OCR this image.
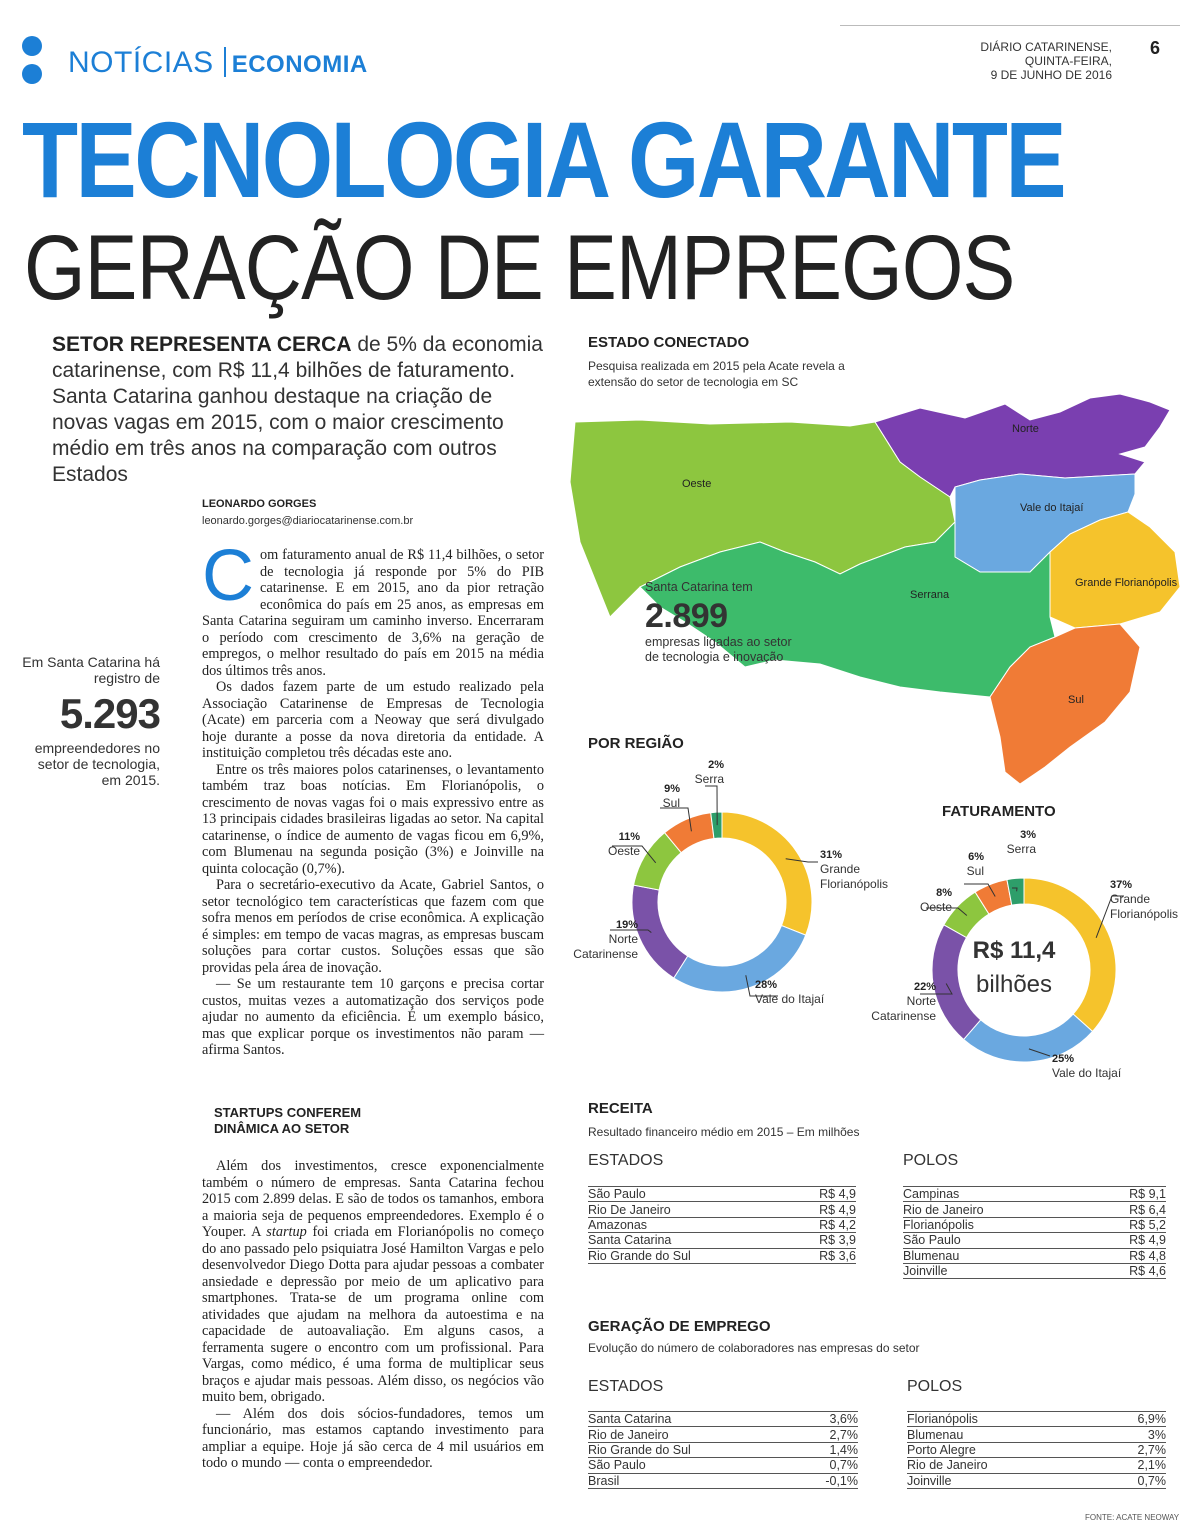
NOTÍCIAS ECONOMIA
DIÁRIO CATARINENSE,
QUINTA-FEIRA,
9 DE JUNHO DE 2016
6
TECNOLOGIA GARANTE
GERAÇÃO DE EMPREGOS
SETOR REPRESENTA CERCA de 5% da economia catarinense, com R$ 11,4 bilhões de faturamento. Santa Catarina ganhou destaque na criação de novas vagas em 2015, com o maior crescimento médio em três anos na comparação com outros Estados
LEONARDO GORGES
leonardo.gorges@diariocatarinense.com.br
Em Santa Catarina há registro de
5.293
empreendedores no setor de tecnologia, em 2015.

Com faturamento anual de R$ 11,4 bilhões, o setor de tecnologia já responde por 5% do PIB catarinense. E em 2015, ano da pior retração econômica do país em 25 anos, as empresas em Santa Catarina seguiram um caminho inverso. Encerraram o período com crescimento de 3,6% na geração de empregos, o melhor resultado do país em 2015 na média dos últimos três anos.

Os dados fazem parte de um estudo realizado pela Associação Catarinense de Empresas de Tecnologia (Acate) em parceria com a Neoway que será divulgado hoje durante a posse da nova diretoria da entidade. A instituição completou três décadas este ano.

Entre os três maiores polos catarinenses, o levantamento também traz boas notícias. Em Florianópolis, o crescimento de novas vagas foi o mais expressivo entre as 13 principais cidades brasileiras ligadas ao setor. Na capital catarinense, o índice de aumento de vagas ficou em 6,9%, com Blumenau na segunda posição (3%) e Joinville na quinta colocação (0,7%).

Para o secretário-executivo da Acate, Gabriel Santos, o setor tecnológico tem características que fazem com que sofra menos em períodos de crise econômica. A explicação é simples: em tempo de vacas magras, as empresas buscam soluções para cortar custos. Soluções essas que são providas pela área de inovação.

— Se um restaurante tem 10 garçons e precisa cortar custos, muitas vezes a automatização dos serviços pode ajudar no aumento da eficiência. É um exemplo básico, mas que explicar porque os investimentos não param — afirma Santos.

STARTUPS CONFEREM DINÂMICA AO SETOR

Além dos investimentos, cresce exponencialmente também o número de empresas. Santa Catarina fechou 2015 com 2.899 delas. E são de todos os tamanhos, embora a maioria seja de pequenos empreendedores. Exemplo é o Youper. A startup foi criada em Florianópolis no começo do ano passado pelo psiquiatra José Hamilton Vargas e pelo desenvolvedor Diego Dotta para ajudar pessoas a combater ansiedade e depressão por meio de um aplicativo para smartphones. Trata-se de um programa online com atividades que ajudam na melhora da autoestima e na capacidade de autoavaliação. Em alguns casos, a ferramenta sugere o encontro com um profissional. Para Vargas, como médico, é uma forma de multiplicar seus braços e ajudar mais pessoas. Além disso, os negócios vão muito bem, obrigado.

— Além dos dois sócios-fundadores, temos um funcionário, mas estamos captando investimento para ampliar a equipe. Hoje já são cerca de 4 mil usuários em todo o mundo — conta o empreendedor.

ESTADO CONECTADO
Pesquisa realizada em 2015 pela Acate revela a extensão do setor de tecnologia em SC
Norte
Oeste
Vale do Itajaí
Grande Florianópolis
Serrana
Sul
Santa Catarina tem
2.899
empresas ligadas ao setor de tecnologia e inovação
POR REGIÃO
31%
Grande
Florianópolis
28%
Vale do Itajaí
19%
Norte
Catarinense
11%
Oeste
9%
Sul
2%
Serra
FATURAMENTO
R$ 11,4
bilhões
37%
Grande
Florianópolis
25%
Vale do Itajaí
22%
Norte
Catarinense
8%
Oeste
6%
Sul
3%
Serra
RECEITA
Resultado financeiro médio em 2015 – Em milhões
ESTADOS	POLOS
São Paulo	R$ 4,9
Rio De Janeiro	R$ 4,9
Amazonas	R$ 4,2
Santa Catarina	R$ 3,9
Rio Grande do Sul	R$ 3,6
Campinas	R$ 9,1
Rio de Janeiro	R$ 6,4
Florianópolis	R$ 5,2
São Paulo	R$ 4,9
Blumenau	R$ 4,8
Joinville	R$ 4,6
GERAÇÃO DE EMPREGO
Evolução do número de colaboradores nas empresas do setor
ESTADOS	POLOS
Santa Catarina	3,6%
Rio de Janeiro	2,7%
Rio Grande do Sul	1,4%
São Paulo	0,7%
Brasil	-0,1%
Florianópolis	6,9%
Blumenau	3%
Porto Alegre	2,7%
Rio de Janeiro	2,1%
Joinville	0,7%
FONTE: ACATE NEOWAY
